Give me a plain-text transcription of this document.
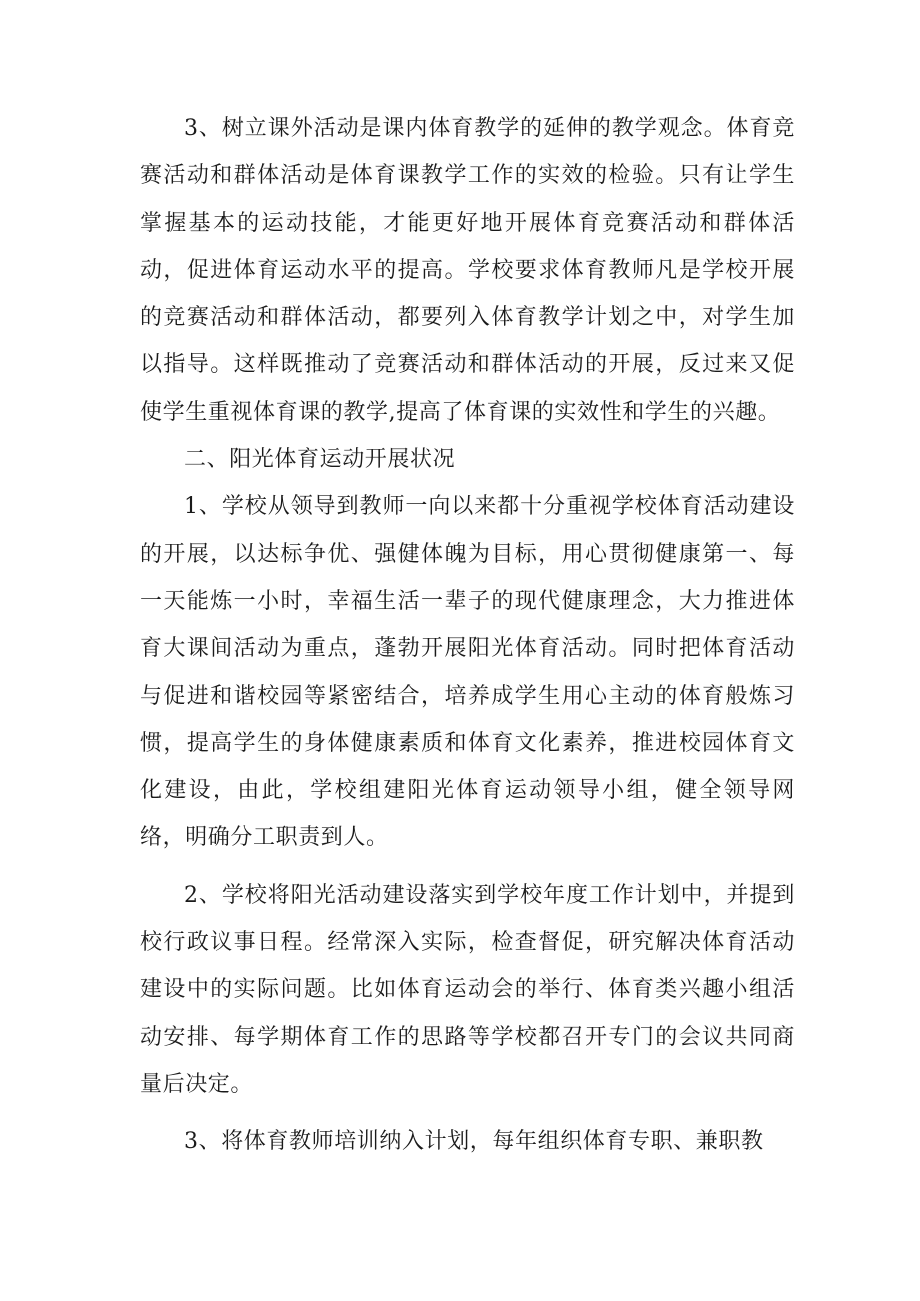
3、树立课外活动是课内体育教学的延伸的教学观念。体育竞赛活动和群体活动是体育课教学工作的实效的检验。只有让学生掌握基本的运动技能，才能更好地开展体育竞赛活动和群体活动，促进体育运动水平的提高。学校要求体育教师凡是学校开展的竞赛活动和群体活动，都要列入体育教学计划之中，对学生加以指导。这样既推动了竞赛活动和群体活动的开展，反过来又促使学生重视体育课的教学,提高了体育课的实效性和学生的兴趣。

二、阳光体育运动开展状况

1、学校从领导到教师一向以来都十分重视学校体育活动建设的开展，以达标争优、强健体魄为目标，用心贯彻健康第一、每一天能炼一小时，幸福生活一辈子的现代健康理念，大力推进体育大课间活动为重点，蓬勃开展阳光体育活动。同时把体育活动与促进和谐校园等紧密结合，培养成学生用心主动的体育般炼习惯，提高学生的身体健康素质和体育文化素养，推进校园体育文化建设，由此，学校组建阳光体育运动领导小组，健全领导网络，明确分工职责到人。

2、学校将阳光活动建设落实到学校年度工作计划中，并提到校行政议事日程。经常深入实际，检查督促，研究解决体育活动建设中的实际问题。比如体育运动会的举行、体育类兴趣小组活动安排、每学期体育工作的思路等学校都召开专门的会议共同商量后决定。

3、将体育教师培训纳入计划，每年组织体育专职、兼职教
